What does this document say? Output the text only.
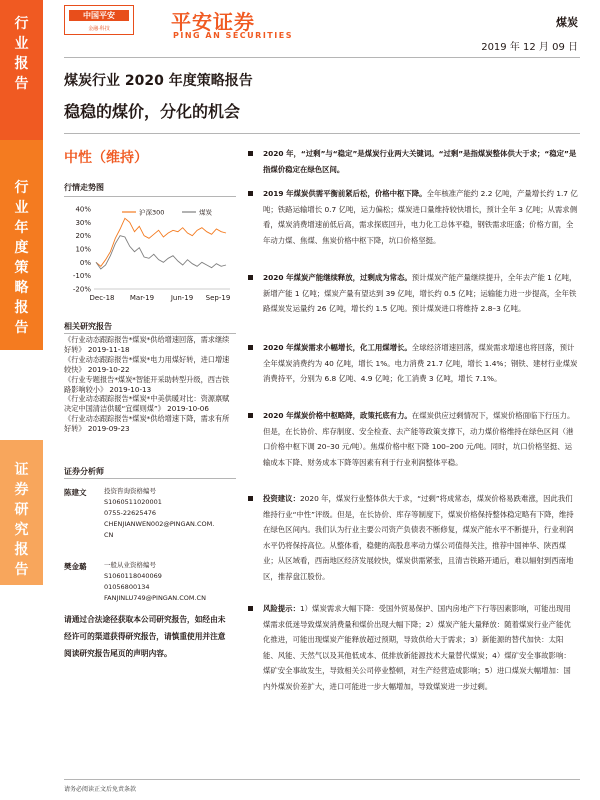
行
业
报
告
行
业
年
度
策
略
报
告
证
券
研
究
报
告
中国平安
金融·科技	平安证券
PING AN SECURITIES
煤炭
2019 年 12 月 09 日
煤炭行业 2020 年度策略报告
稳稳的煤价，分化的机会
中性（维持）
行情走势图
40%
30%
20%
10%
0%
-10%
-20%
Dec-18 Mar-19 Jun-19 Sep-19
沪深300	煤炭
相关研究报告
《行业动态跟踪报告*煤炭*供给增速回落，需求继续好转》 2019-11-18
《行业动态跟踪报告*煤炭*电力用煤好转，进口增速较快》 2019-10-22
《行业专题报告*煤炭*智能开采助转型升级，西吉铁路影响较小》 2019-10-13
《行业动态跟踪报告*煤炭*中美供暖对比：资源禀赋决定中国清洁供暖“宜煤则煤”》 2019-10-06
《行业动态跟踪报告*煤炭*供给增速下降，需求有所好转》 2019-09-23
证券分析师
陈建文	投资咨询资格编号
S1060511020001
0755-22625476
CHENJIANWEN002@PINGAN.COM.
CN
樊金璐	一般从业资格编号
S1060118040069
01056800134
FANJINLU749@PINGAN.COM.CN
请通过合法途径获取本公司研究报告，如经由未经许可的渠道获得研究报告，请慎重使用并注意阅读研究报告尾页的声明内容。
2020 年，“过剩”与“稳定”是煤炭行业两大关键词。“过剩”是指煤炭整体供大于求；“稳定”是指煤价稳定在绿色区间。
2019 年煤炭供需平衡前紧后松，价格中枢下降。全年核准产能约 2.2 亿吨，产量增长约 1.7 亿吨；铁路运输增长 0.7 亿吨，运力偏松；煤炭进口量维持较快增长，预计全年 3 亿吨；从需求侧看，煤炭消费增速前低后高，需求探底回升，电力化工总体平稳，钢铁需求旺盛；价格方面，全年动力煤、焦煤、焦炭价格中枢下降，坑口价格坚挺。
2020 年煤炭产能继续释放，过剩成为常态。预计煤炭产能产量继续提升，全年去产能 1 亿吨，新增产能 1 亿吨；煤炭产量有望达到 39 亿吨，增长约 0.5 亿吨；运输能力进一步提高，全年铁路煤炭发运量约 26 亿吨，增长约 1.5 亿吨。预计煤炭进口将维持 2.8–3 亿吨。
2020 年煤炭需求小幅增长，化工用煤增长。全球经济增速回落，煤炭需求增速也将回落，预计全年煤炭消费约为 40 亿吨，增长 1%。电力消费 21.7 亿吨，增长 1.4%；钢铁、建材行业煤炭消费持平，分别为 6.8 亿吨、4.9 亿吨；化工消费 3 亿吨，增长 7.1%。
2020 年煤炭价格中枢略降，政策托底有力。在煤炭供应过剩情况下，煤炭价格面临下行压力。但是，在长协价、库存制度、安全检查、去产能等政策支撑下，动力煤价格维持在绿色区间（港口价格中枢下调 20–30 元/吨）。焦煤价格中枢下降 100–200 元/吨。同时，坑口价格坚挺、运输成本下降、财务成本下降等因素有利于行业利润整体平稳。
投资建议：2020 年，煤炭行业整体供大于求，“过剩”将成常态，煤炭价格易跌难涨，因此我们维持行业“中性”评级。但是，在长协价、库存等制度下，煤炭价格保持整体稳定略有下降，维持在绿色区间内。我们认为行业主要公司资产负债表不断修复，煤炭产能水平不断提升，行业利润水平仍将保持高位。从整体看，稳健的高股息率动力煤公司值得关注，推荐中国神华、陕西煤业；从区域看，西南地区经济发展较快，煤炭供需紧张，且清吉铁路开通后，难以辐射到西南地区，推荐盘江股份。
风险提示：1）煤炭需求大幅下降：受国外贸易保护、国内房地产下行等因素影响，可能出现用煤需求低迷导致煤炭消费量和煤价出现大幅下降；2）煤炭产能大量释放：随着煤炭行业产能优化推进，可能出现煤炭产能释放超过预期，导致供给大于需求；3）新能源的替代加快：太阳能、风能、天然气以及其他低成本、低排放新能源技术大量替代煤炭；4）煤矿安全事故影响：煤矿安全事故发生，导致相关公司停业整顿，对生产经营造成影响；5）进口煤炭大幅增加：国内外煤炭价差扩大，进口可能进一步大幅增加，导致煤炭进一步过剩。
请务必阅读正文后免责条款
